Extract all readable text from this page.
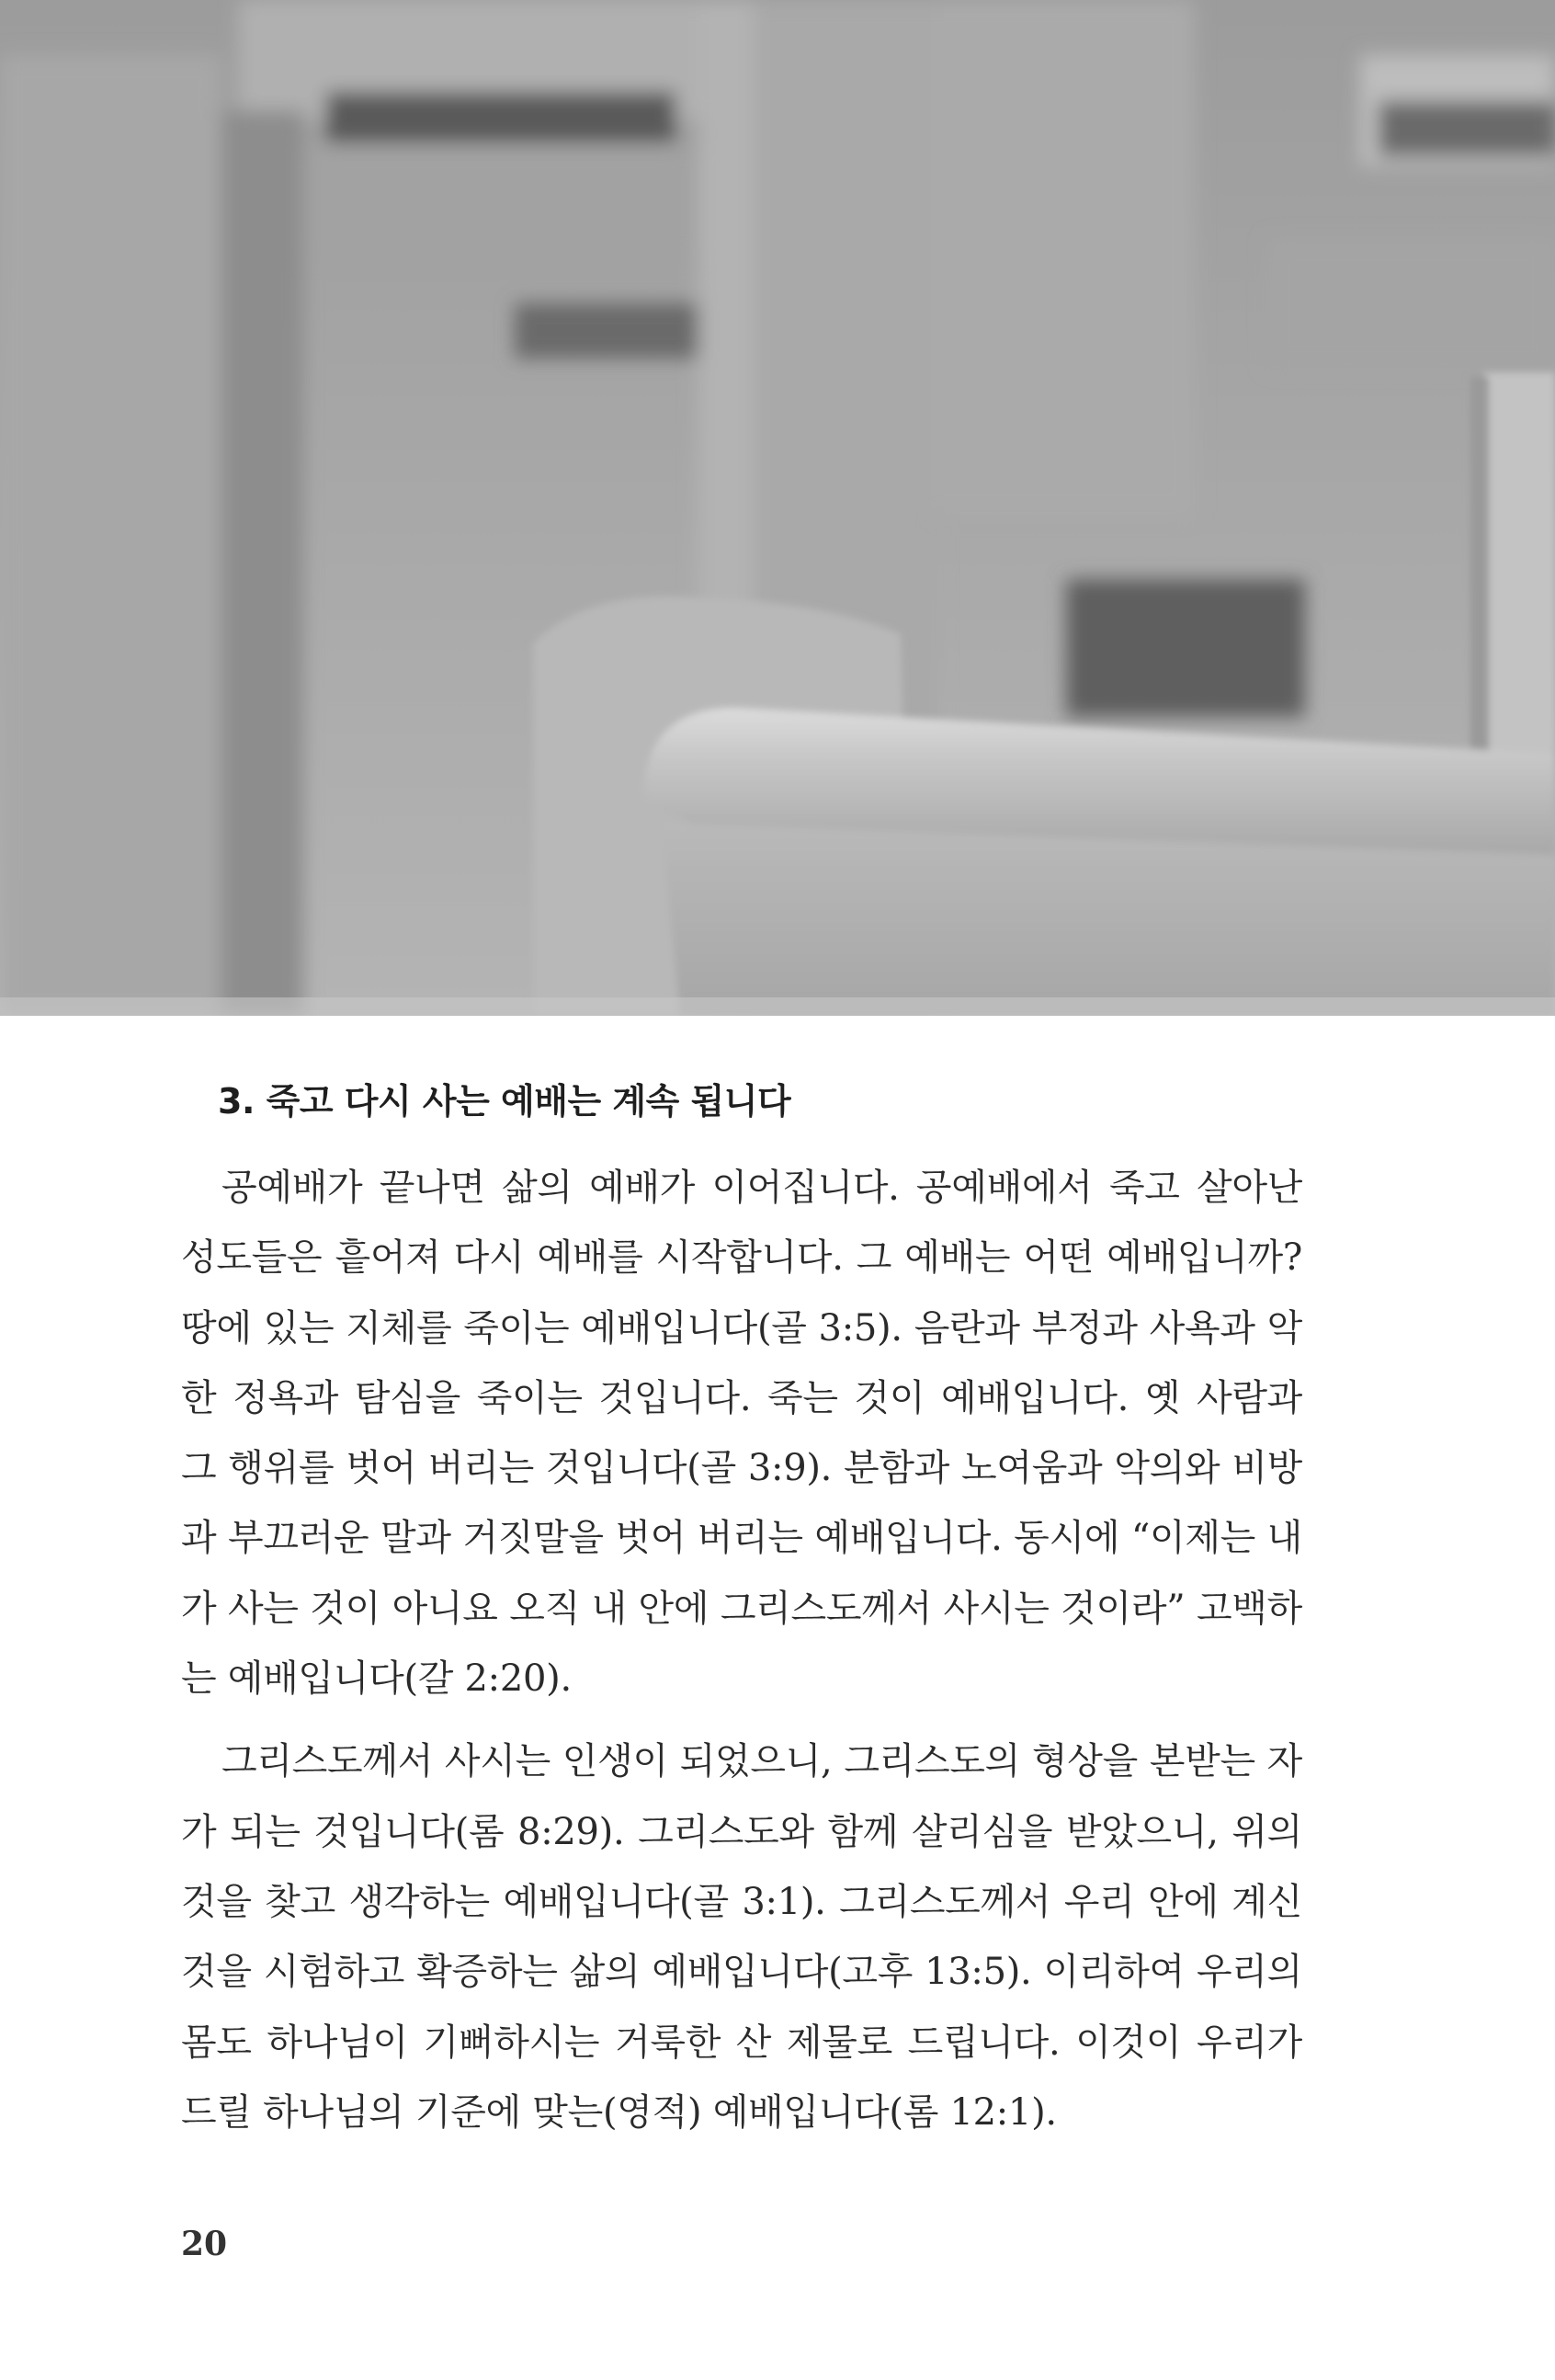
3. 죽고 다시 사는 예배는 계속 됩니다

공예배가 끝나면 삶의 예배가 이어집니다. 공예배에서 죽고 살아난 성도들은 흩어져 다시 예배를 시작합니다. 그 예배는 어떤 예배입니까? 땅에 있는 지체를 죽이는 예배입니다(골 3:5). 음란과 부정과 사욕과 악한 정욕과 탐심을 죽이는 것입니다. 죽는 것이 예배입니다. 옛 사람과 그 행위를 벗어 버리는 것입니다(골 3:9). 분함과 노여움과 악의와 비방과 부끄러운 말과 거짓말을 벗어 버리는 예배입니다. 동시에 “이제는 내가 사는 것이 아니요 오직 내 안에 그리스도께서 사시는 것이라” 고백하는 예배입니다(갈 2:20).

그리스도께서 사시는 인생이 되었으니, 그리스도의 형상을 본받는 자가 되는 것입니다(롬 8:29). 그리스도와 함께 살리심을 받았으니, 위의 것을 찾고 생각하는 예배입니다(골 3:1). 그리스도께서 우리 안에 계신 것을 시험하고 확증하는 삶의 예배입니다(고후 13:5). 이리하여 우리의 몸도 하나님이 기뻐하시는 거룩한 산 제물로 드립니다. 이것이 우리가 드릴 하나님의 기준에 맞는(영적) 예배입니다(롬 12:1).

20
